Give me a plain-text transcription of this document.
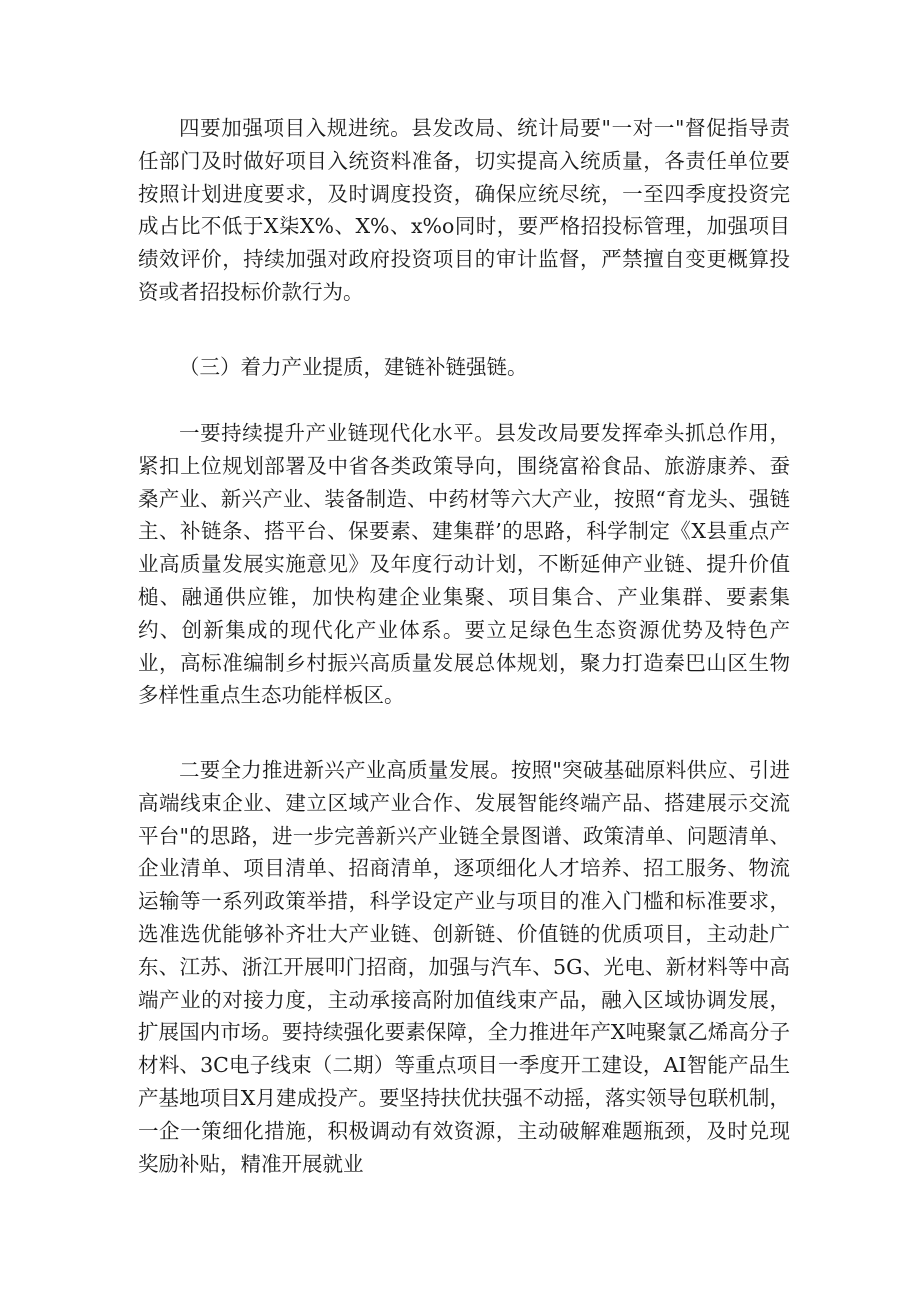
四要加强项目入规进统。县发改局、统计局要"一对一"督促指导责任部门及时做好项目入统资料准备，切实提高入统质量，各责任单位要按照计划进度要求，及时调度投资，确保应统尽统，一至四季度投资完成占比不低于X柒X%、X%、x%o同时，要严格招投标管理，加强项目绩效评价，持续加强对政府投资项目的审计监督，严禁擅自变更概算投资或者招投标价款行为。

（三）着力产业提质，建链补链强链。

一要持续提升产业链现代化水平。县发改局要发挥牵头抓总作用，紧扣上位规划部署及中省各类政策导向，围绕富裕食品、旅游康养、蚕桑产业、新兴产业、装备制造、中药材等六大产业，按照“育龙头、强链主、补链条、搭平台、保要素、建集群’的思路，科学制定《X县重点产业高质量发展实施意见》及年度行动计划，不断延伸产业链、提升价值槌、融通供应锥，加快构建企业集聚、项目集合、产业集群、要素集约、创新集成的现代化产业体系。要立足绿色生态资源优势及特色产业，高标准编制乡村振兴高质量发展总体规划，聚力打造秦巴山区生物多样性重点生态功能样板区。

二要全力推进新兴产业高质量发展。按照"突破基础原料供应、引进高端线束企业、建立区域产业合作、发展智能终端产品、搭建展示交流平台"的思路，进一步完善新兴产业链全景图谱、政策清单、问题清单、企业清单、项目清单、招商清单，逐项细化人才培养、招工服务、物流运输等一系列政策举措，科学设定产业与项目的准入门槛和标准要求，选准选优能够补齐壮大产业链、创新链、价值链的优质项目，主动赴广东、江苏、浙江开展叩门招商，加强与汽车、5G、光电、新材料等中高端产业的对接力度，主动承接高附加值线束产品，融入区域协调发展，扩展国内市场。要持续强化要素保障，全力推进年产X吨聚氯乙烯高分子材料、3C电子线束（二期）等重点项目一季度开工建设，AI智能产品生产基地项目X月建成投产。要坚持扶优扶强不动摇，落实领导包联机制，一企一策细化措施，积极调动有效资源，主动破解难题瓶颈，及时兑现奖励补贴，精准开展就业
